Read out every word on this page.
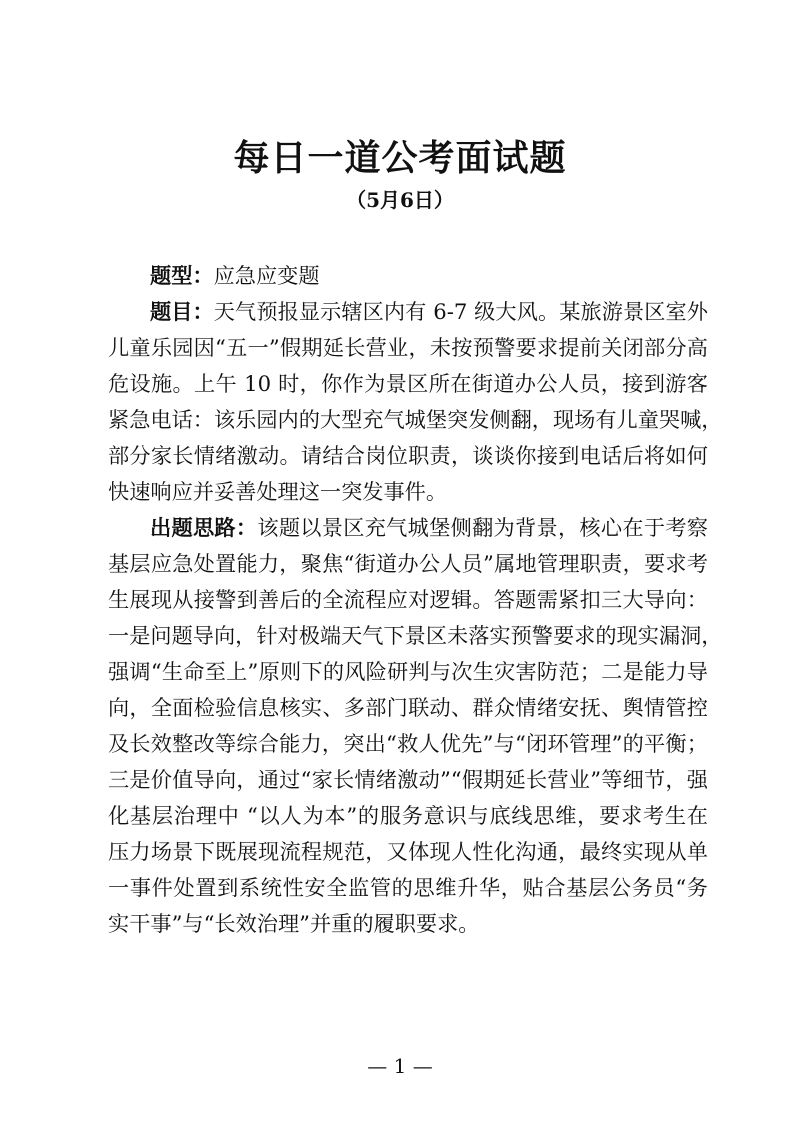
每日一道公考面试题
（5月6日）

题型：应急应变题

题目：天气预报显示辖区内有 6-7 级大风。某旅游景区室外
儿童乐园因“五一”假期延长营业，未按预警要求提前关闭部分高
危设施。上午 10 时，你作为景区所在街道办公人员，接到游客
紧急电话：该乐园内的大型充气城堡突发侧翻，现场有儿童哭喊，
部分家长情绪激动。请结合岗位职责，谈谈你接到电话后将如何
快速响应并妥善处理这一突发事件。

出题思路：该题以景区充气城堡侧翻为背景，核心在于考察
基层应急处置能力，聚焦“街道办公人员”属地管理职责，要求考
生展现从接警到善后的全流程应对逻辑。答题需紧扣三大导向：
一是问题导向，针对极端天气下景区未落实预警要求的现实漏洞，
强调“生命至上”原则下的风险研判与次生灾害防范；二是能力导
向，全面检验信息核实、多部门联动、群众情绪安抚、舆情管控
及长效整改等综合能力，突出“救人优先”与“闭环管理”的平衡；
三是价值导向，通过“家长情绪激动”“假期延长营业”等细节，强
化基层治理中 “以人为本”的服务意识与底线思维，要求考生在
压力场景下既展现流程规范，又体现人性化沟通，最终实现从单
一事件处置到系统性安全监管的思维升华，贴合基层公务员“务
实干事”与“长效治理”并重的履职要求。

— 1 —
